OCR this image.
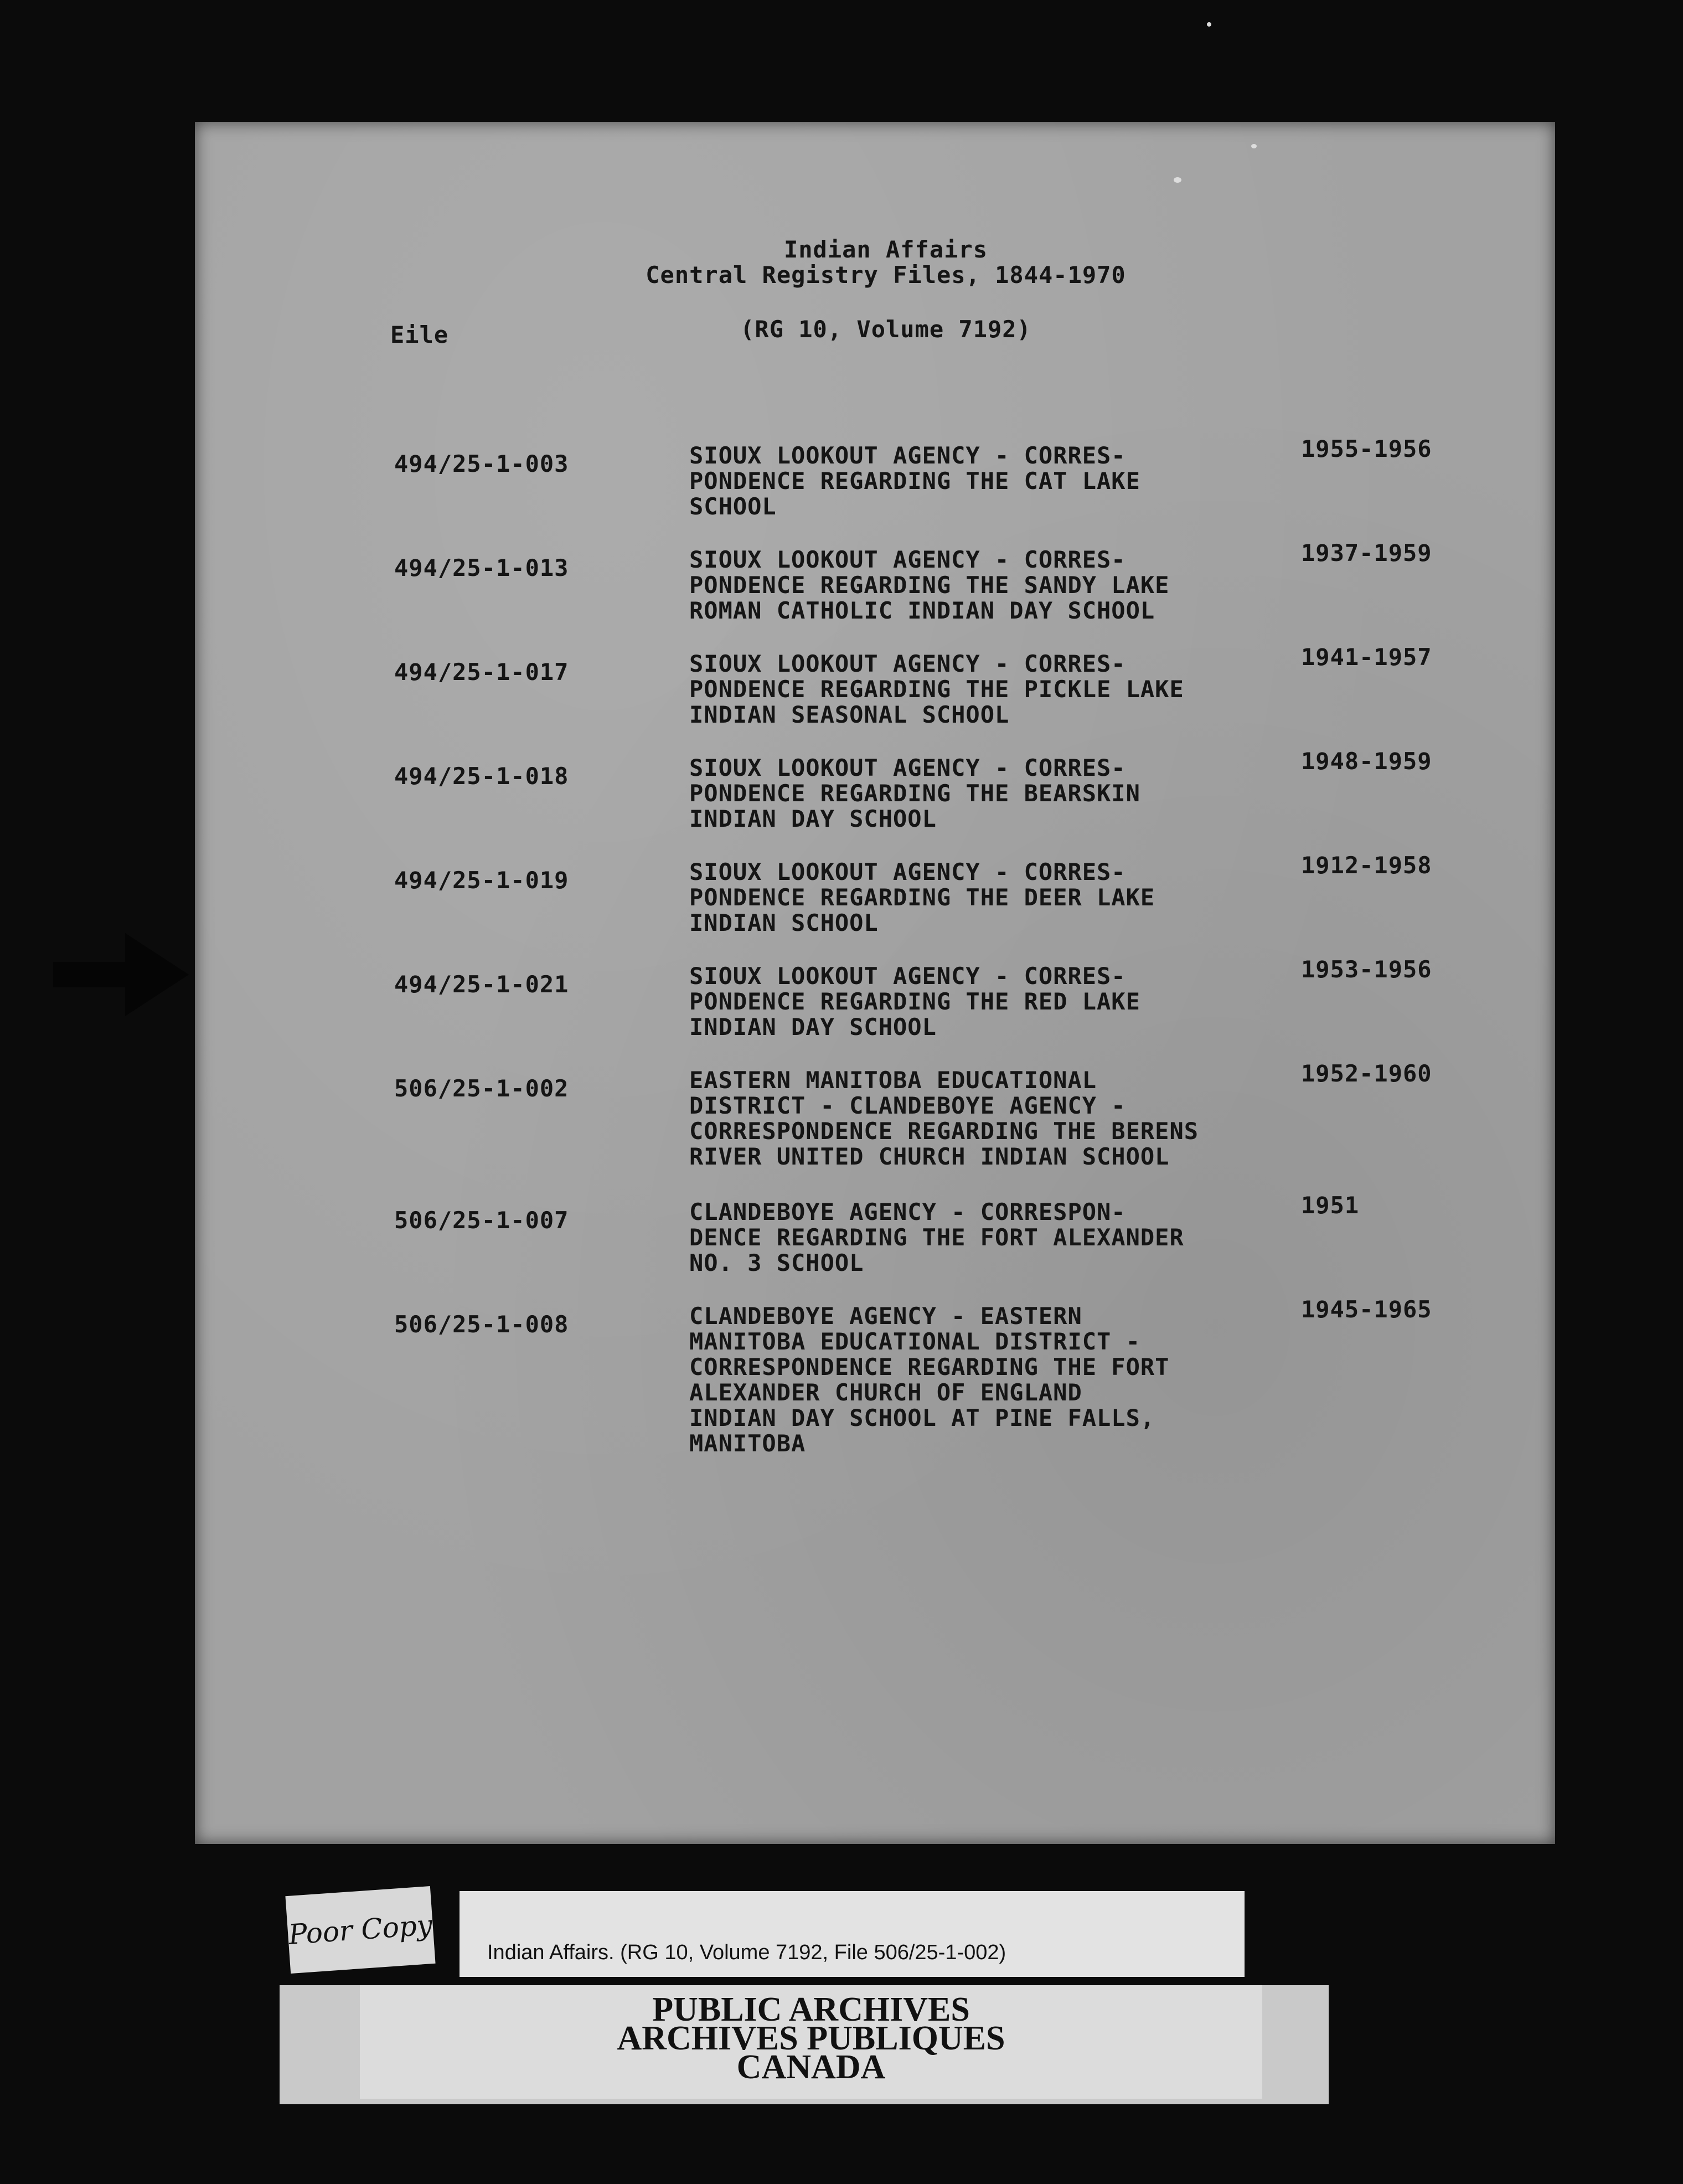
Indian Affairs
Central Registry Files, 1844-1970
Eile	(RG 10, Volume 7192)
494/25-1-003	SIOUX LOOKOUT AGENCY - CORRES-
PONDENCE REGARDING THE CAT LAKE
SCHOOL
1955-1956
494/25-1-013	SIOUX LOOKOUT AGENCY - CORRES-
PONDENCE REGARDING THE SANDY LAKE
ROMAN CATHOLIC INDIAN DAY SCHOOL
1937-1959
494/25-1-017	SIOUX LOOKOUT AGENCY - CORRES-
PONDENCE REGARDING THE PICKLE LAKE
INDIAN SEASONAL SCHOOL
1941-1957
494/25-1-018	SIOUX LOOKOUT AGENCY - CORRES-
PONDENCE REGARDING THE BEARSKIN
INDIAN DAY SCHOOL
1948-1959
494/25-1-019	SIOUX LOOKOUT AGENCY - CORRES-
PONDENCE REGARDING THE DEER LAKE
INDIAN SCHOOL
1912-1958
494/25-1-021	SIOUX LOOKOUT AGENCY - CORRES-
PONDENCE REGARDING THE RED LAKE
INDIAN DAY SCHOOL
1953-1956
506/25-1-002	EASTERN MANITOBA EDUCATIONAL
DISTRICT - CLANDEBOYE AGENCY -
CORRESPONDENCE REGARDING THE BERENS
RIVER UNITED CHURCH INDIAN SCHOOL
1952-1960
506/25-1-007	CLANDEBOYE AGENCY - CORRESPON-
DENCE REGARDING THE FORT ALEXANDER
NO. 3 SCHOOL
1951
506/25-1-008	CLANDEBOYE AGENCY - EASTERN
MANITOBA EDUCATIONAL DISTRICT -
CORRESPONDENCE REGARDING THE FORT
ALEXANDER CHURCH OF ENGLAND
INDIAN DAY SCHOOL AT PINE FALLS,
MANITOBA
1945-1965
Poor Copy
Indian Affairs. (RG 10, Volume 7192, File 506/25-1-002)
PUBLIC ARCHIVES
ARCHIVES PUBLIQUES
CANADA
